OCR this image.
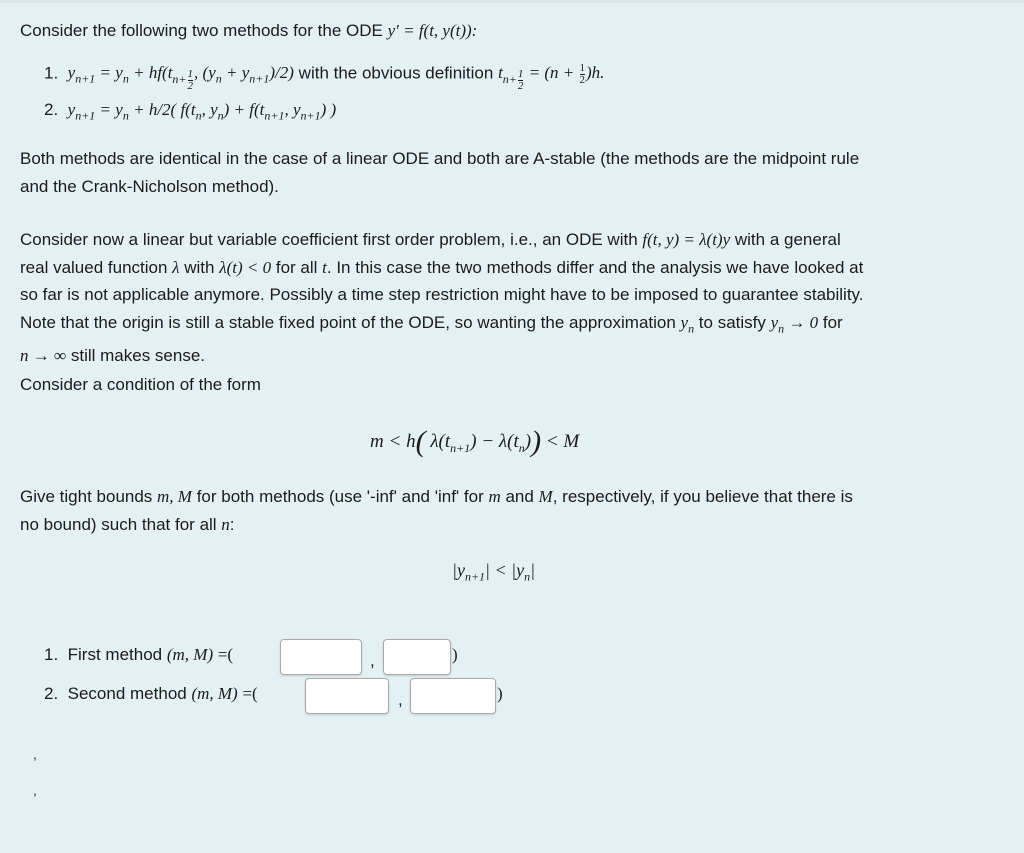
Consider the following two methods for the ODE y′ = f(t, y(t)):
1. $y_{n+1} = y_n + hf(t_{n+ \frac{1}{2}}$ , $(y_n + y_{n+1})/2$) with the obvious definition $t_{n+ \frac{1}{2}} = (n + \frac{1}{2} )h$.
2. $y_{n+1} = y_n + h/2$( $f(t_n$, $y_n) + f(t_{n+1}$, $y_{n+1}$) )
Both methods are identical in the case of a linear ODE and both are A-stable (the methods are the midpoint rule
and the Crank-Nicholson method).
Consider now a linear but variable coefficient first order problem, i.e., an ODE with f(t, y) = λ(t)y with a general
real valued function λ with λ(t) < 0 for all t. In this case the two methods differ and the analysis we have looked at
so far is not applicable anymore. Possibly a time step restriction might have to be imposed to guarantee stability.
Note that the origin is still a stable fixed point of the ODE, so wanting the approximation $y_n$ to satisfy $y_n \to 0$ for
n → ∞ still makes sense.
Consider a condition of the form
m < h( $\lambda(t_{n+1}) - \lambda(t_n)) < M$
Give tight bounds m, M for both methods (use '-inf' and 'inf' for m and M, respectively, if you believe that there is
no bound) such that for all n:
$|y_{n+1}| < |y_n|$
1. First method (m, M) =(	,	)
2. Second method (m, M) =(	,	)
,
,
